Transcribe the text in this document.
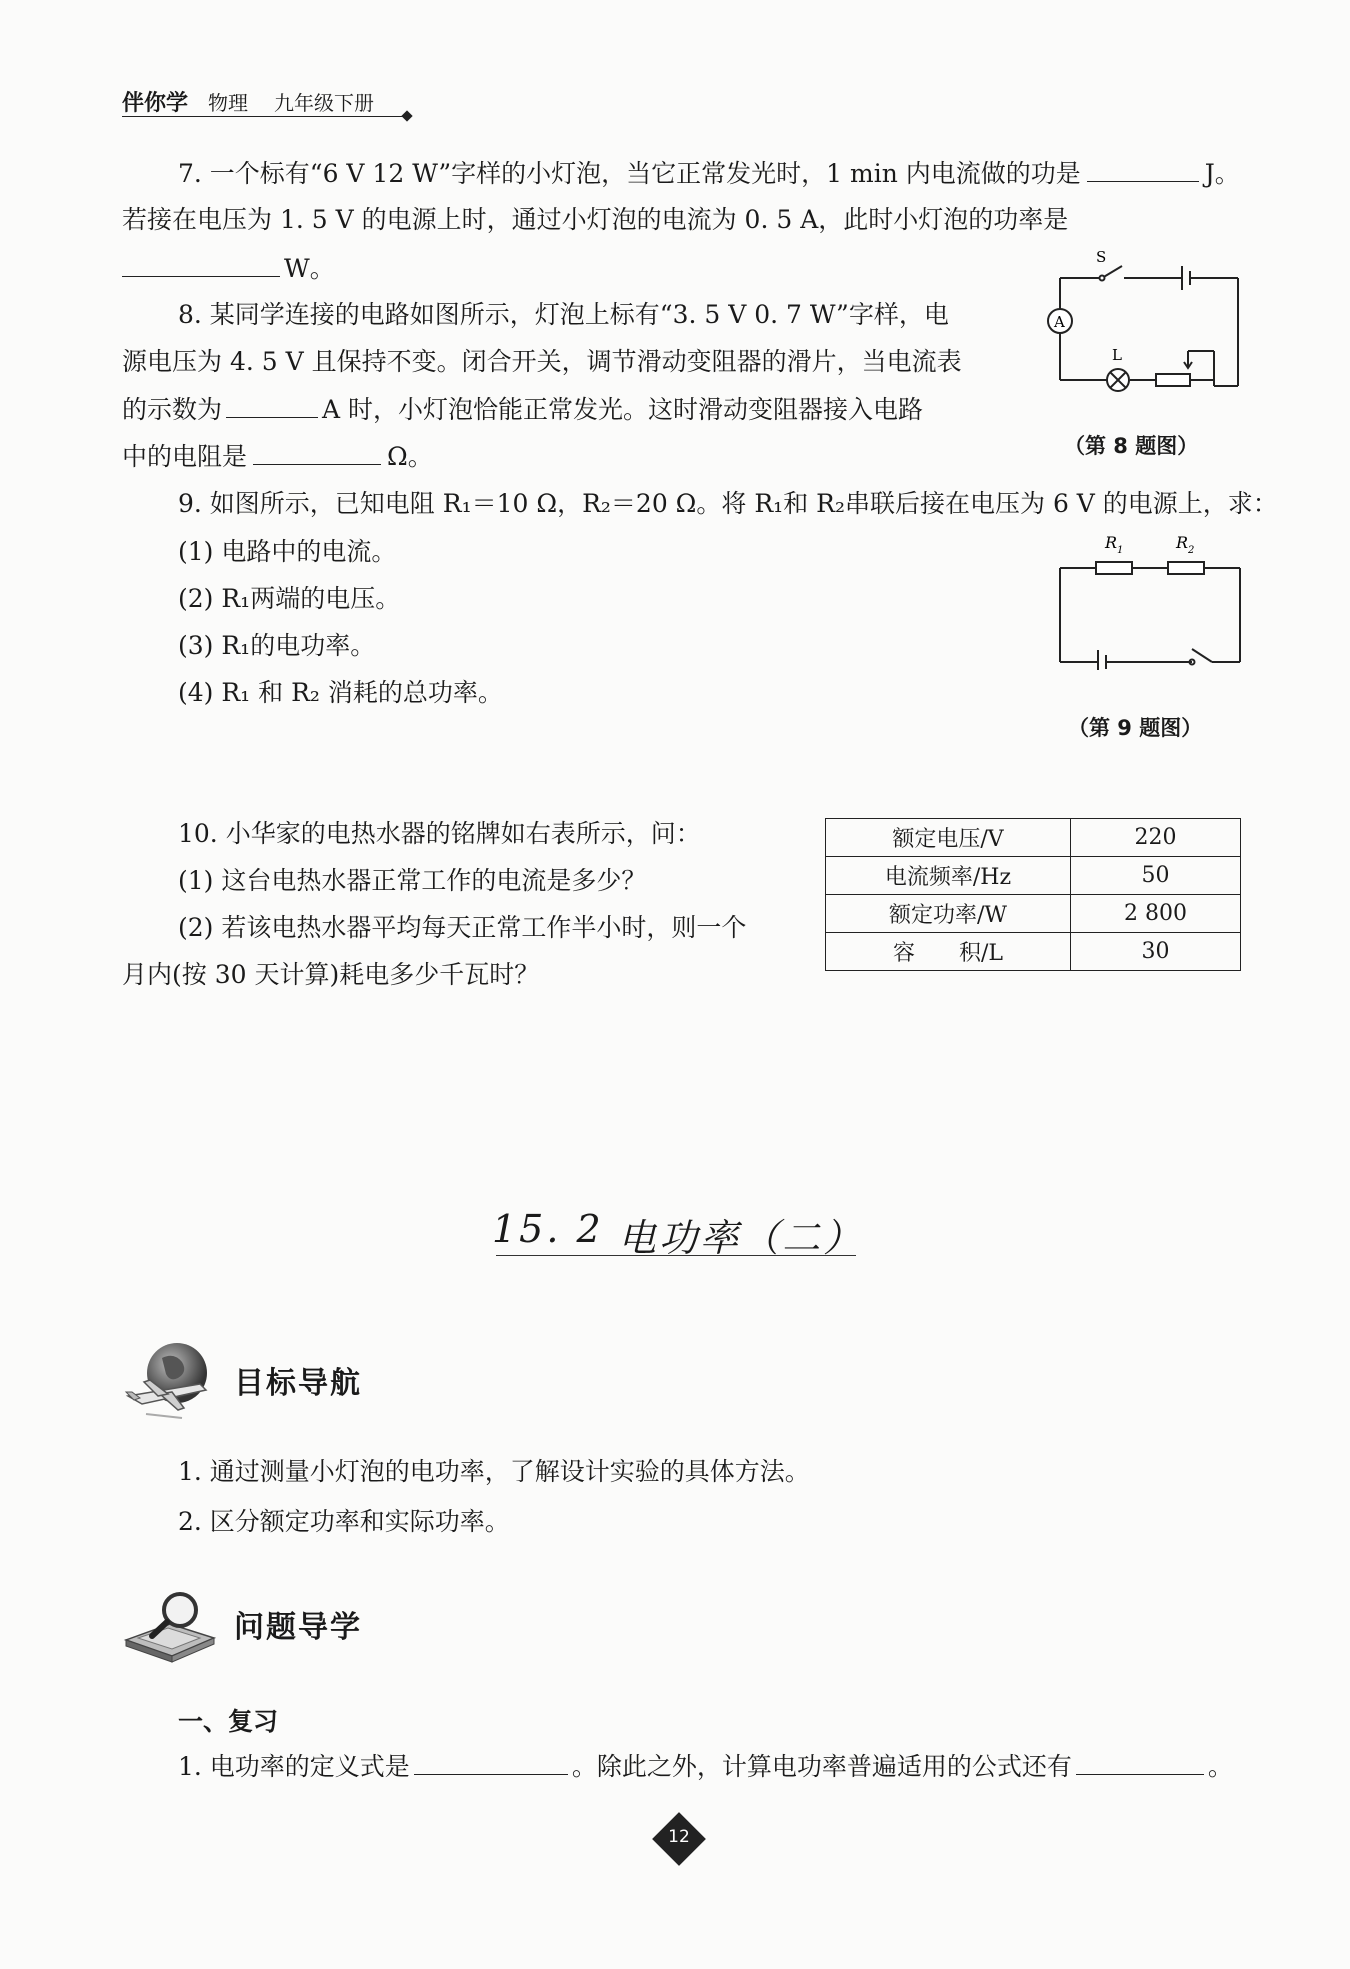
伴你学 物理 九年级下册
7. 一个标有“6 V 12 W”字样的小灯泡，当它正常发光时，1 min 内电流做的功是	J。
若接在电压为 1. 5 V 的电源上时，通过小灯泡的电流为 0. 5 A，此时小灯泡的功率是
W。
8. 某同学连接的电路如图所示，灯泡上标有“3. 5 V 0. 7 W”字样，电
源电压为 4. 5 V 且保持不变。闭合开关，调节滑动变阻器的滑片，当电流表
的示数为	A 时，小灯泡恰能正常发光。这时滑动变阻器接入电路
中的电阻是	Ω。
S
A
L
（第 8 题图）
9. 如图所示，已知电阻 R₁＝10 Ω，R₂＝20 Ω。将 R₁和 R₂串联后接在电压为 6 V 的电源上，求：
(1) 电路中的电流。
(2) R₁两端的电压。
(3) R₁的电功率。
(4) R₁ 和 R₂ 消耗的总功率。
$R_1$	$R_2$
（第 9 题图）
10. 小华家的电热水器的铭牌如右表所示，问：
(1) 这台电热水器正常工作的电流是多少？
(2) 若该电热水器平均每天正常工作半小时，则一个
月内(按 30 天计算)耗电多少千瓦时？
额定电压/V	220
电流频率/Hz	50
额定功率/W	2 800
容　　积/L	30
15. 2 电功率（二）
目标导航
1. 通过测量小灯泡的电功率，了解设计实验的具体方法。
2. 区分额定功率和实际功率。
问题导学
一、复习
1. 电功率的定义式是	。除此之外，计算电功率普遍适用的公式还有	。
12
